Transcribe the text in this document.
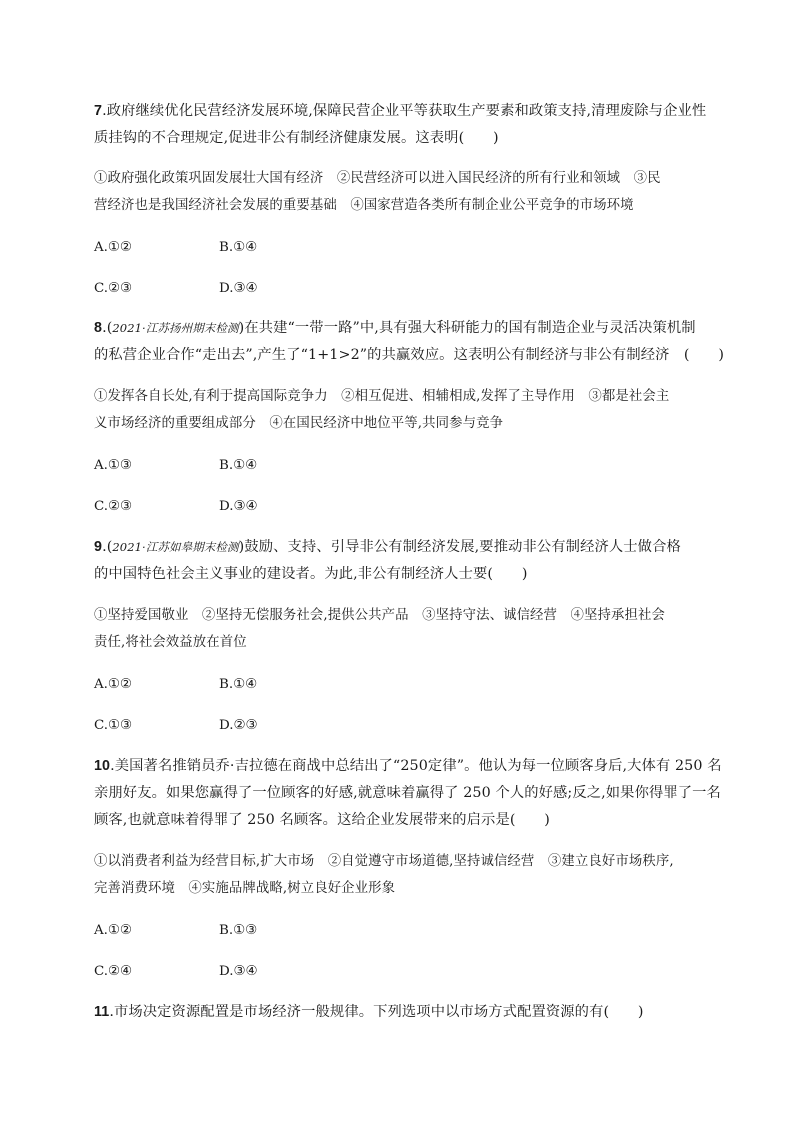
7.政府继续优化民营经济发展环境,保障民营企业平等获取生产要素和政策支持,清理废除与企业性
质挂钩的不合理规定,促进非公有制经济健康发展。这表明(　　)
①政府强化政策巩固发展壮大国有经济　②民营经济可以进入国民经济的所有行业和领域　③民
营经济也是我国经济社会发展的重要基础　④国家营造各类所有制企业公平竞争的市场环境
A.①②	B.①④
C.②③	D.③④
8.(2021·江苏扬州期末检测)在共建“一带一路”中,具有强大科研能力的国有制造企业与灵活决策机制
的私营企业合作“走出去”,产生了“1+1>2”的共赢效应。这表明公有制经济与非公有制经济　(　　)
①发挥各自长处,有利于提高国际竞争力　②相互促进、相辅相成,发挥了主导作用　③都是社会主
义市场经济的重要组成部分　④在国民经济中地位平等,共同参与竞争
A.①③	B.①④
C.②③	D.③④
9.(2021·江苏如皋期末检测)鼓励、支持、引导非公有制经济发展,要推动非公有制经济人士做合格
的中国特色社会主义事业的建设者。为此,非公有制经济人士要(　　)
①坚持爱国敬业　②坚持无偿服务社会,提供公共产品　③坚持守法、诚信经营　④坚持承担社会
责任,将社会效益放在首位
A.①②	B.①④
C.①③	D.②③
10.美国著名推销员乔·吉拉德在商战中总结出了“250定律”。他认为每一位顾客身后,大体有 250 名
亲朋好友。如果您赢得了一位顾客的好感,就意味着赢得了 250 个人的好感;反之,如果你得罪了一名
顾客,也就意味着得罪了 250 名顾客。这给企业发展带来的启示是(　　)
①以消费者利益为经营目标,扩大市场　②自觉遵守市场道德,坚持诚信经营　③建立良好市场秩序,
完善消费环境　④实施品牌战略,树立良好企业形象
A.①②	B.①③
C.②④	D.③④
11.市场决定资源配置是市场经济一般规律。下列选项中以市场方式配置资源的有(　　)
